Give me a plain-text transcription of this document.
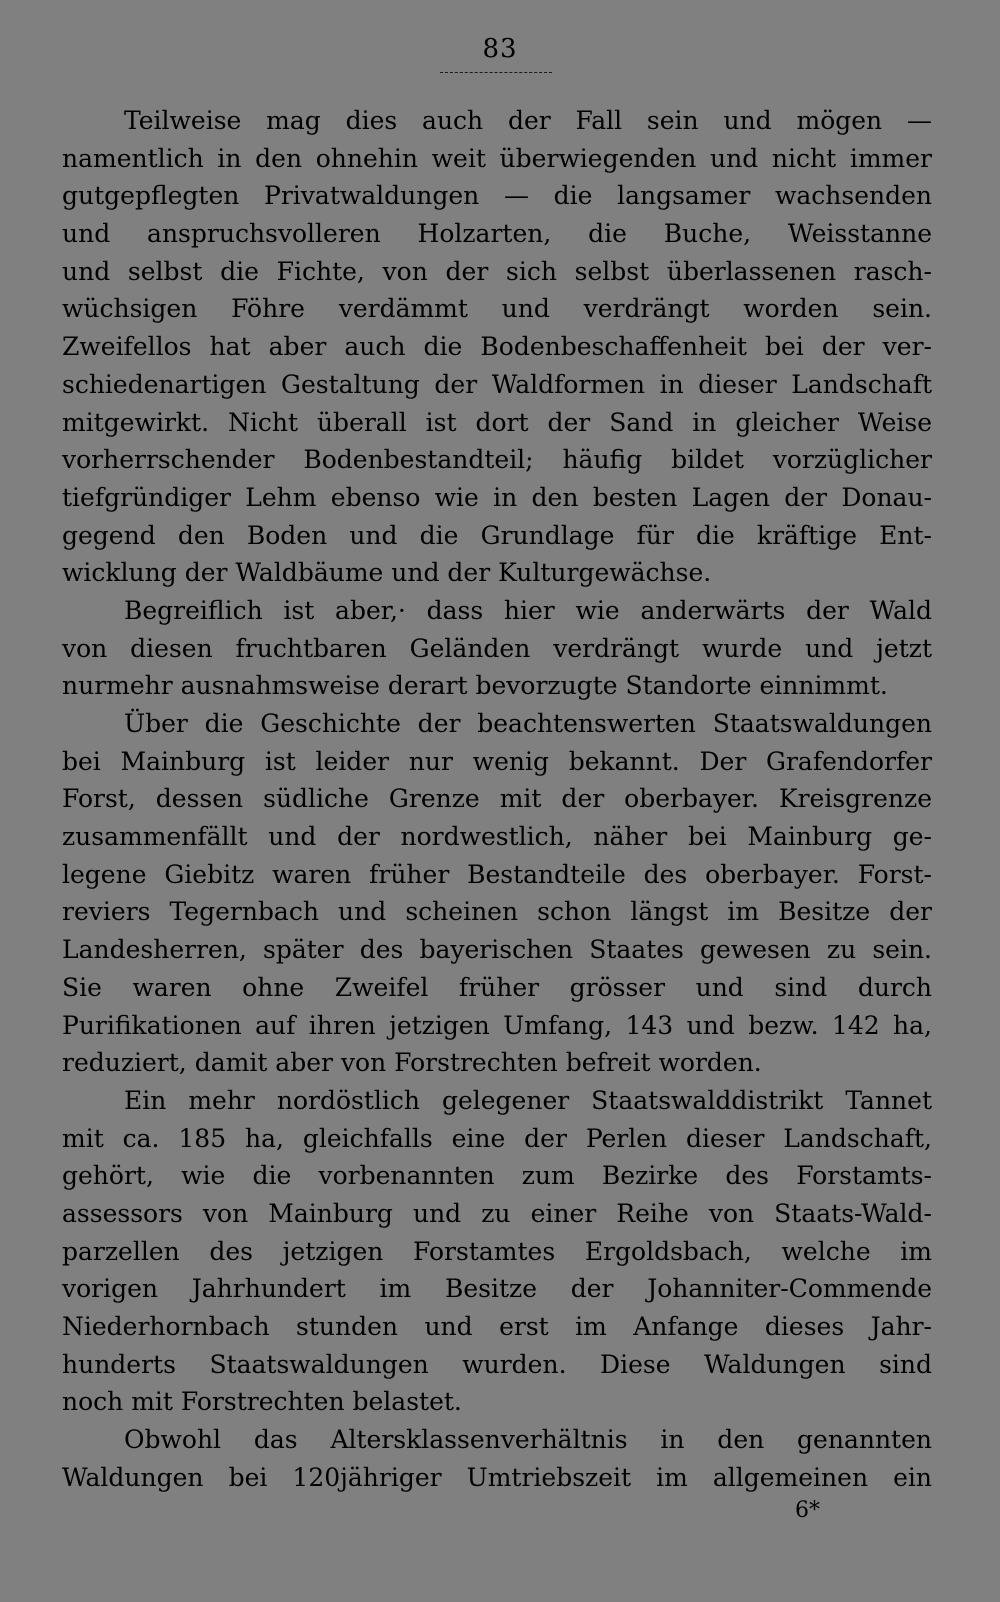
83
Teilweise mag dies auch der Fall sein und mögen —
namentlich in den ohnehin weit überwiegenden und nicht immer
gutgepflegten Privatwaldungen — die langsamer wachsenden
und anspruchsvolleren Holzarten, die Buche, Weisstanne
und selbst die Fichte, von der sich selbst überlassenen rasch-
wüchsigen Föhre verdämmt und verdrängt worden sein.
Zweifellos hat aber auch die Bodenbeschaffenheit bei der ver-
schiedenartigen Gestaltung der Waldformen in dieser Landschaft
mitgewirkt. Nicht überall ist dort der Sand in gleicher Weise
vorherrschender Bodenbestandteil; häufig bildet vorzüglicher
tiefgründiger Lehm ebenso wie in den besten Lagen der Donau-
gegend den Boden und die Grundlage für die kräftige Ent-
wicklung der Waldbäume und der Kulturgewächse.
Begreiflich ist aber,· dass hier wie anderwärts der Wald
von diesen fruchtbaren Geländen verdrängt wurde und jetzt
nurmehr ausnahmsweise derart bevorzugte Standorte einnimmt.
Über die Geschichte der beachtenswerten Staatswaldungen
bei Mainburg ist leider nur wenig bekannt. Der Grafendorfer
Forst, dessen südliche Grenze mit der oberbayer. Kreisgrenze
zusammenfällt und der nordwestlich, näher bei Mainburg ge-
legene Giebitz waren früher Bestandteile des oberbayer. Forst-
reviers Tegernbach und scheinen schon längst im Besitze der
Landesherren, später des bayerischen Staates gewesen zu sein.
Sie waren ohne Zweifel früher grösser und sind durch
Purifikationen auf ihren jetzigen Umfang, 143 und bezw. 142 ha,
reduziert, damit aber von Forstrechten befreit worden.
Ein mehr nordöstlich gelegener Staatswalddistrikt Tannet
mit ca. 185 ha, gleichfalls eine der Perlen dieser Landschaft,
gehört, wie die vorbenannten zum Bezirke des Forstamts-
assessors von Mainburg und zu einer Reihe von Staats-Wald-
parzellen des jetzigen Forstamtes Ergoldsbach, welche im
vorigen Jahrhundert im Besitze der Johanniter-Commende
Niederhornbach stunden und erst im Anfange dieses Jahr-
hunderts Staatswaldungen wurden. Diese Waldungen sind
noch mit Forstrechten belastet.
Obwohl das Altersklassenverhältnis in den genannten
Waldungen bei 120jähriger Umtriebszeit im allgemeinen ein
6*
